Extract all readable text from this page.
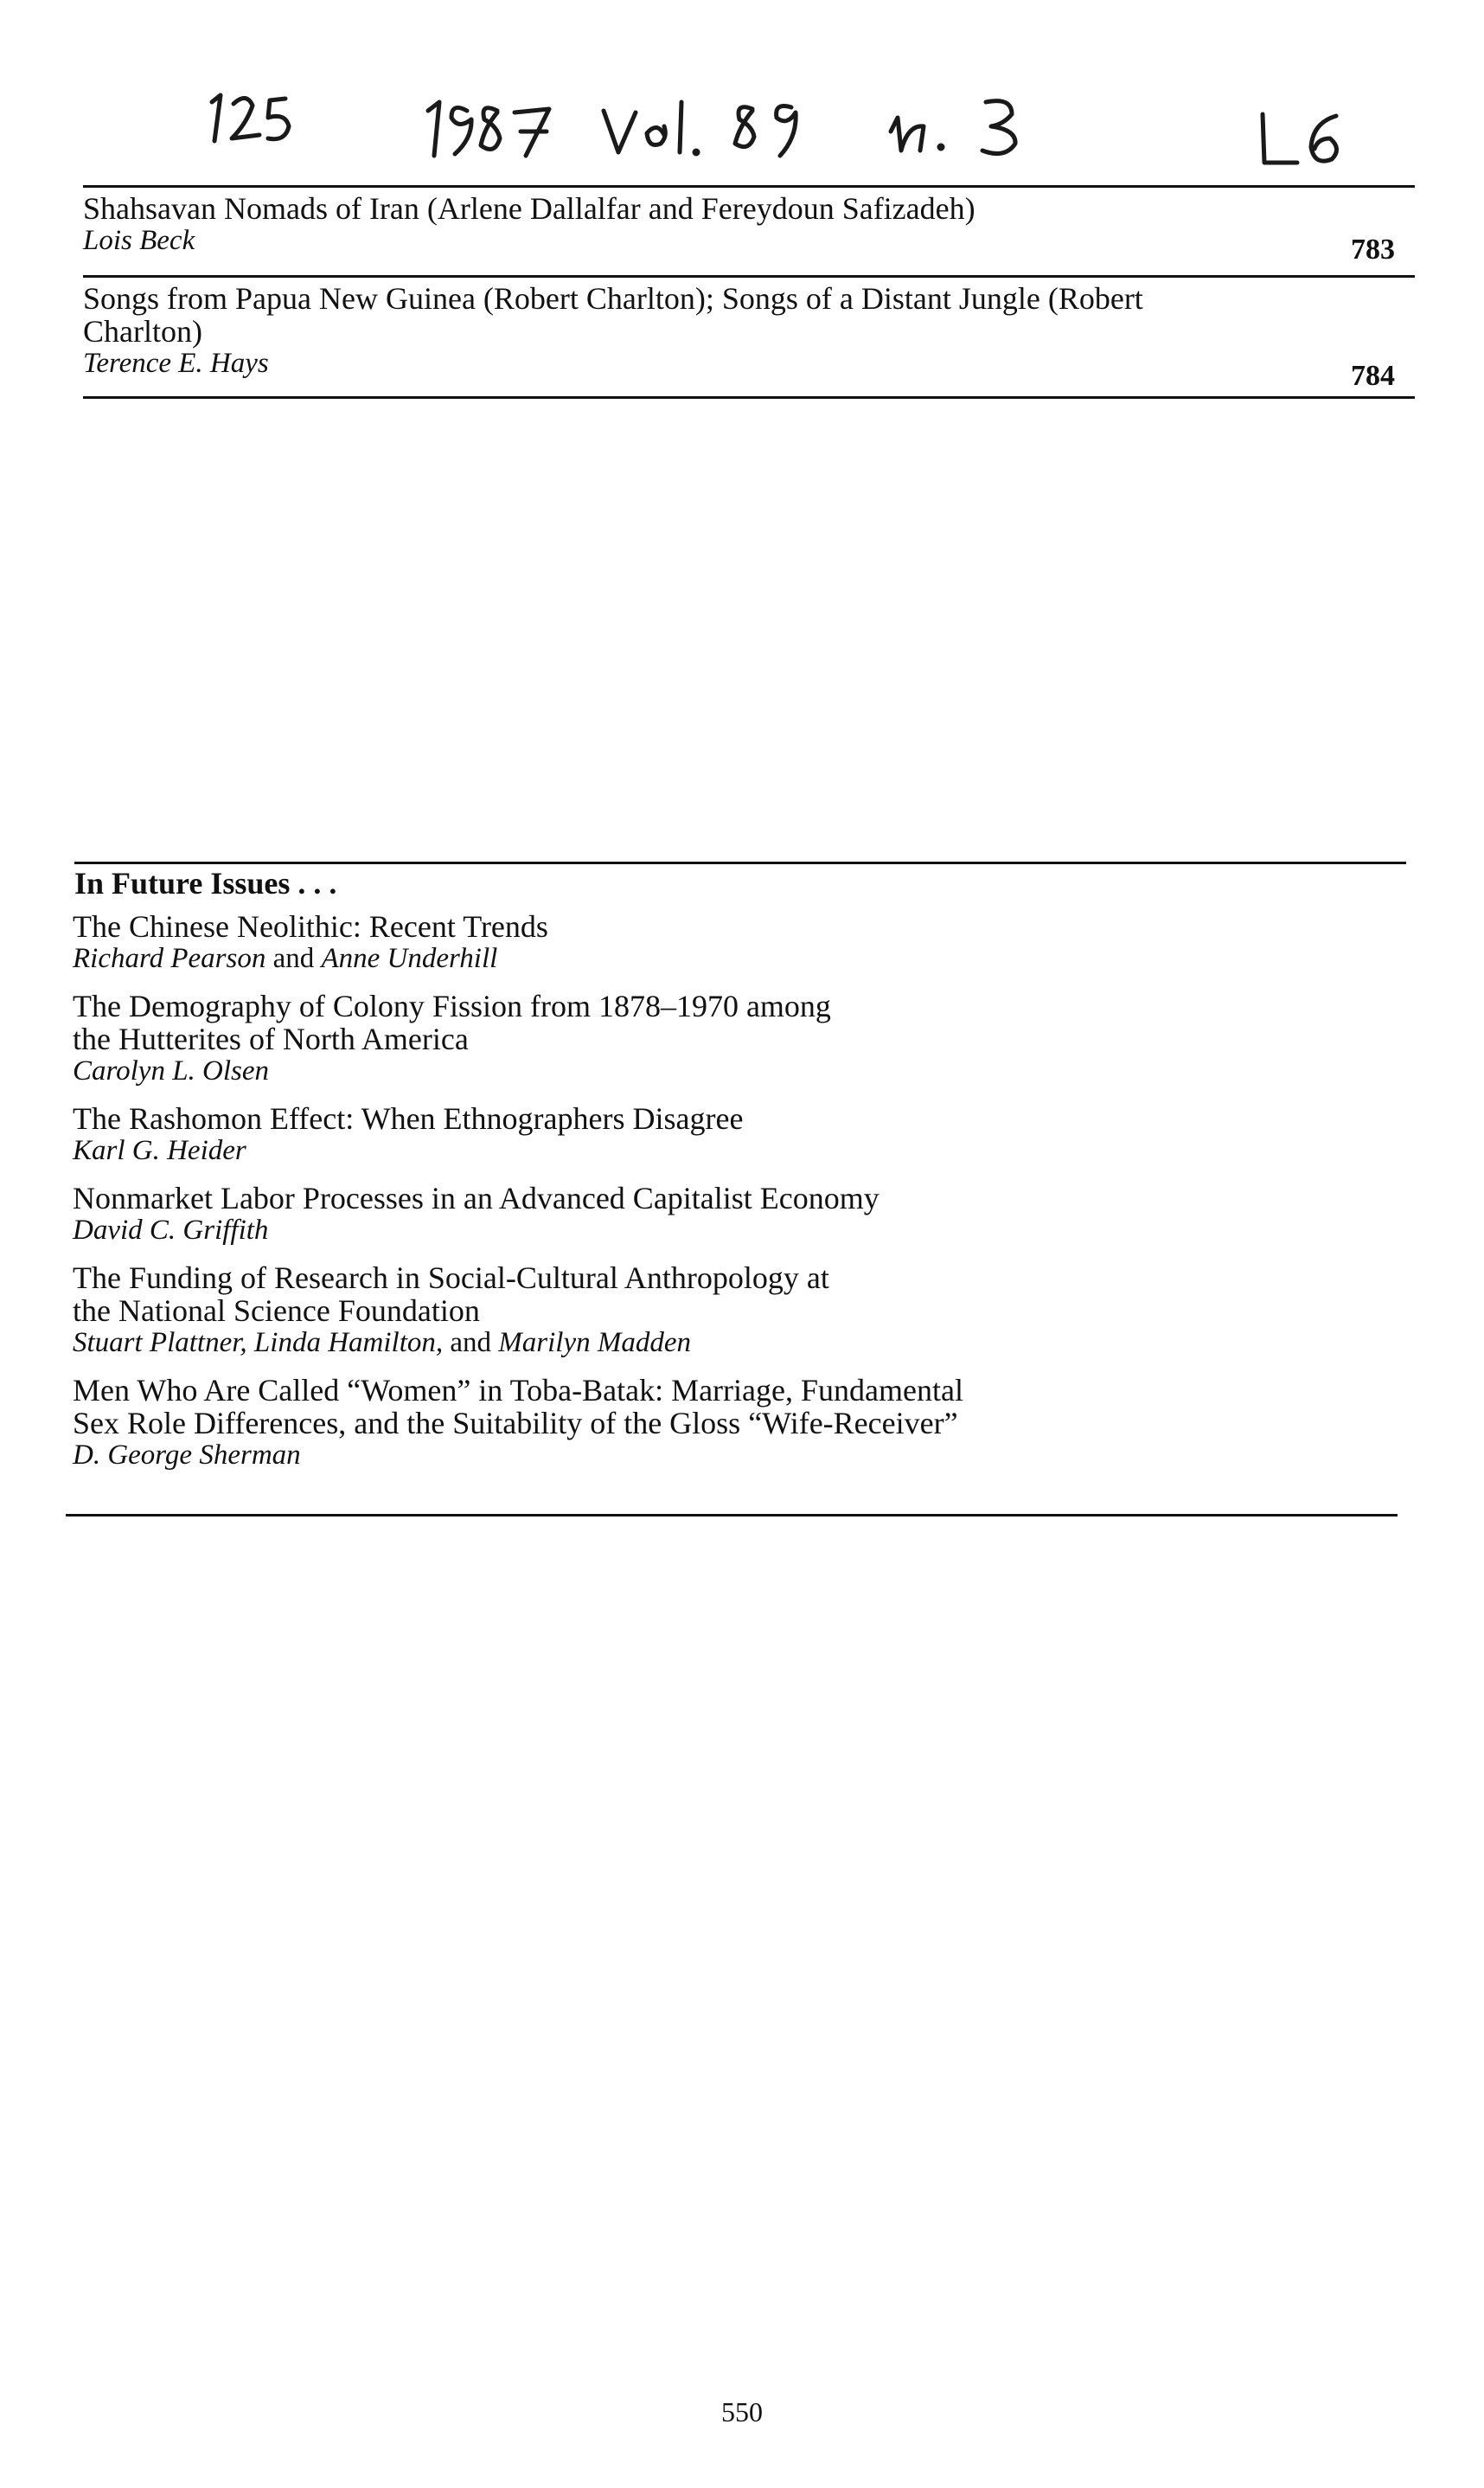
Shahsavan Nomads of Iran (Arlene Dallalfar and Fereydoun Safizadeh)

Lois Beck	783

Songs from Papua New Guinea (Robert Charlton); Songs of a Distant Jungle (Robert

Charlton)

Terence E. Hays	784

In Future Issues . . .

The Chinese Neolithic: Recent Trends

Richard Pearson and Anne Underhill

The Demography of Colony Fission from 1878–1970 among

the Hutterites of North America

Carolyn L. Olsen

The Rashomon Effect: When Ethnographers Disagree

Karl G. Heider

Nonmarket Labor Processes in an Advanced Capitalist Economy

David C. Griffith

The Funding of Research in Social-Cultural Anthropology at

the National Science Foundation

Stuart Plattner, Linda Hamilton, and Marilyn Madden

Men Who Are Called “Women” in Toba-Batak: Marriage, Fundamental

Sex Role Differences, and the Suitability of the Gloss “Wife-Receiver”

D. George Sherman

550
